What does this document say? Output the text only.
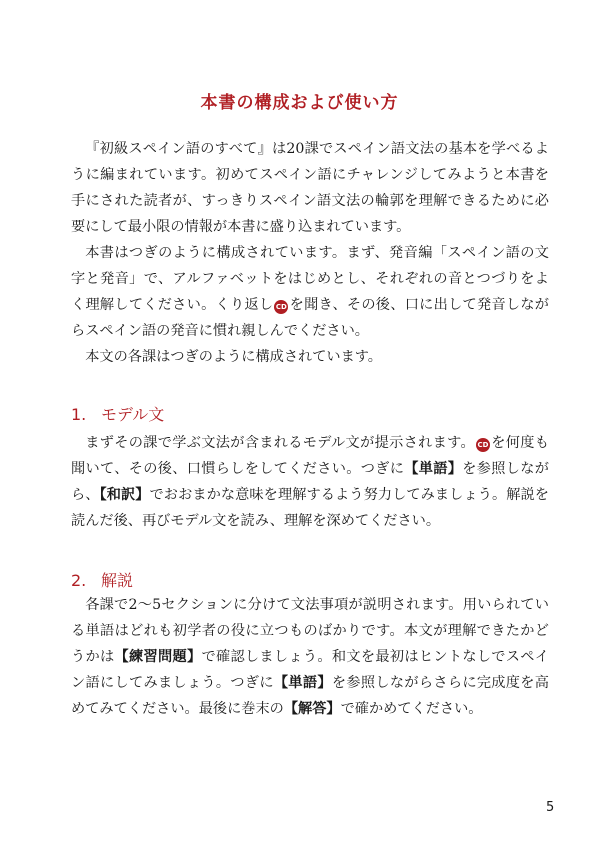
本書の構成および使い方

『初級スペイン語のすべて』は20課でスペイン語文法の基本を学べるように編まれています。初めてスペイン語にチャレンジしてみようと本書を手にされた読者が、すっきりスペイン語文法の輪郭を理解できるために必要にして最小限の情報が本書に盛り込まれています。

本書はつぎのように構成されています。まず、発音編「スペイン語の文字と発音」で、アルファベットをはじめとし、それぞれの音とつづりをよく理解してください。くり返し CD を聞き、その後、口に出して発音しながらスペイン語の発音に慣れ親しんでください。

本文の各課はつぎのように構成されています。

1. モデル文

まずその課で学ぶ文法が含まれるモデル文が提示されます。 CD を何度も聞いて、その後、口慣らしをしてください。つぎに【単語】を参照しながら、【和訳】でおおまかな意味を理解するよう努力してみましょう。解説を読んだ後、再びモデル文を読み、理解を深めてください。

2. 解説

各課で2～5セクションに分けて文法事項が説明されます。用いられている単語はどれも初学者の役に立つものばかりです。本文が理解できたかどうかは【練習問題】で確認しましょう。和文を最初はヒントなしでスペイン語にしてみましょう。つぎに【単語】を参照しながらさらに完成度を高めてみてください。最後に巻末の【解答】で確かめてください。

5
